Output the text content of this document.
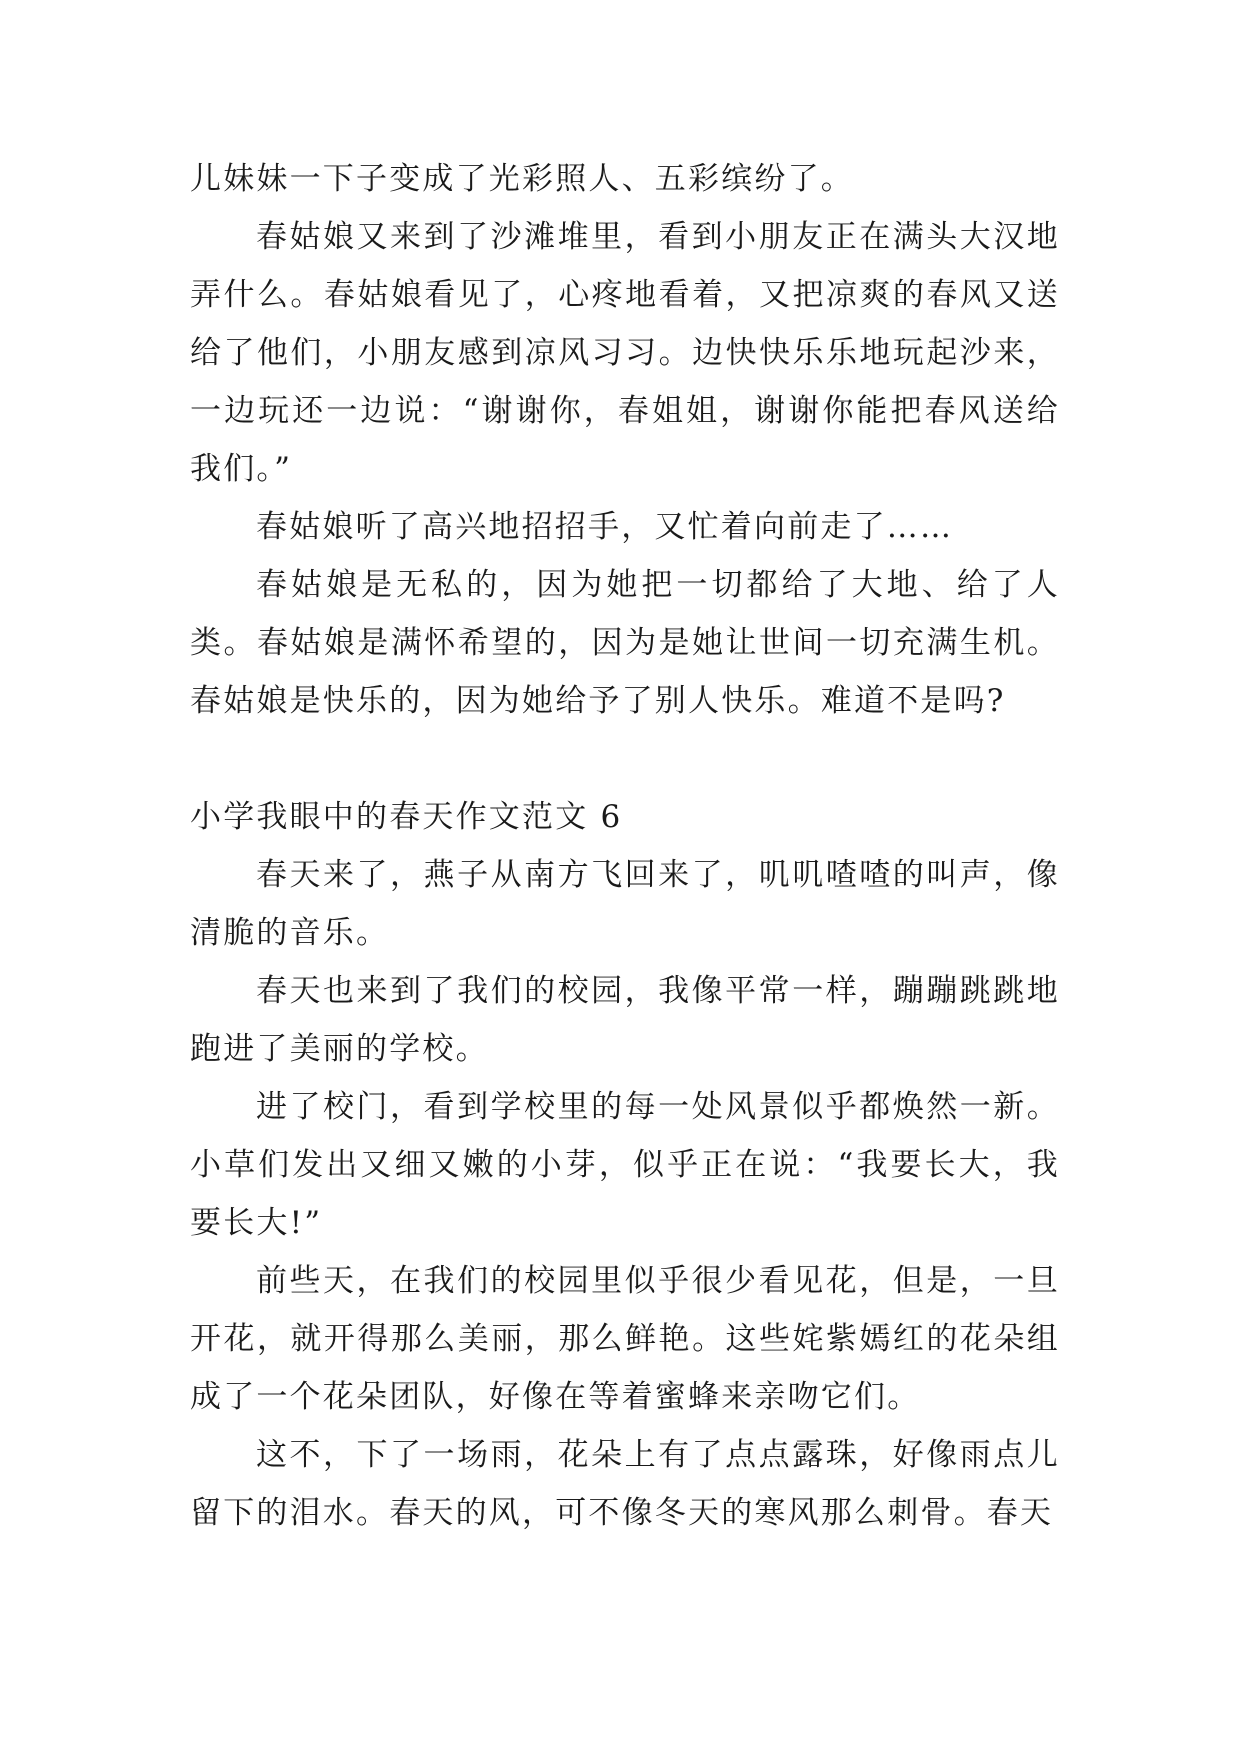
儿妹妹一下子变成了光彩照人、五彩缤纷了。

春姑娘又来到了沙滩堆里，看到小朋友正在满头大汉地弄什么。春姑娘看见了，心疼地看着，又把凉爽的春风又送给了他们，小朋友感到凉风习习。边快快乐乐地玩起沙来，一边玩还一边说：“谢谢你，春姐姐，谢谢你能把春风送给我们。”

春姑娘听了高兴地招招手，又忙着向前走了……

春姑娘是无私的，因为她把一切都给了大地、给了人类。春姑娘是满怀希望的，因为是她让世间一切充满生机。春姑娘是快乐的，因为她给予了别人快乐。难道不是吗?

小学我眼中的春天作文范文 6

春天来了，燕子从南方飞回来了，叽叽喳喳的叫声，像清脆的音乐。

春天也来到了我们的校园，我像平常一样，蹦蹦跳跳地跑进了美丽的学校。

进了校门，看到学校里的每一处风景似乎都焕然一新。小草们发出又细又嫩的小芽，似乎正在说：“我要长大，我要长大!”

前些天，在我们的校园里似乎很少看见花，但是，一旦开花，就开得那么美丽，那么鲜艳。这些姹紫嫣红的花朵组成了一个花朵团队，好像在等着蜜蜂来亲吻它们。

这不，下了一场雨，花朵上有了点点露珠，好像雨点儿留下的泪水。春天的风，可不像冬天的寒风那么刺骨。春天
